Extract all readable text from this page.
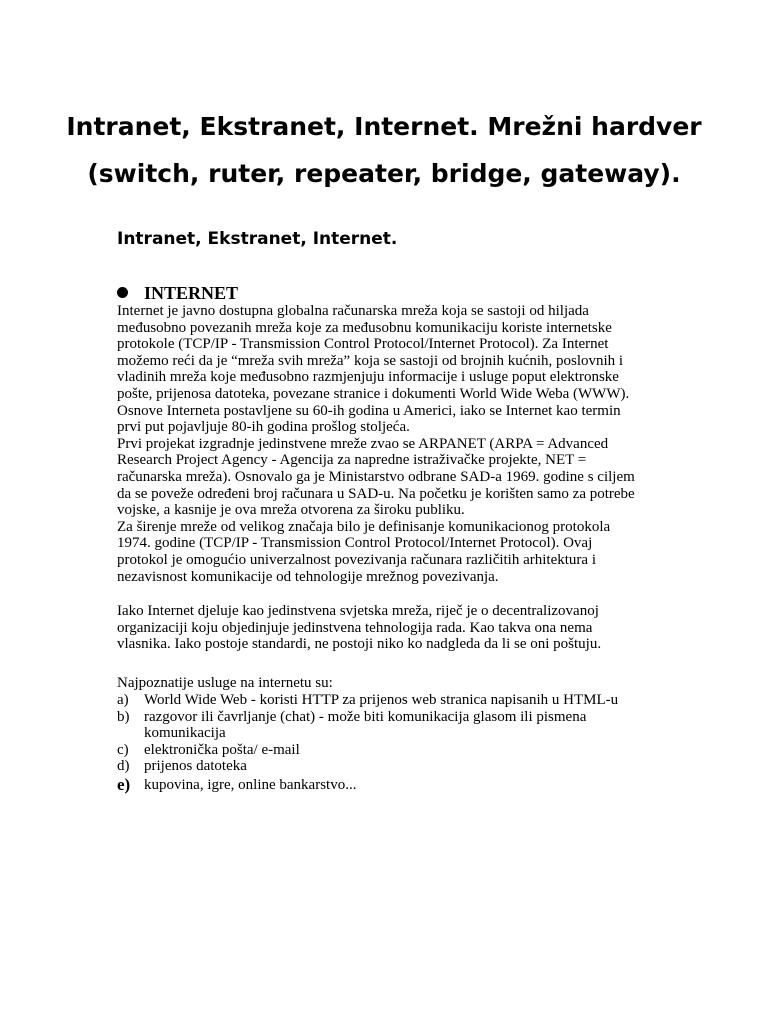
Intranet, Ekstranet, Internet. Mrežni hardver
(switch, ruter, repeater, bridge, gateway).
Intranet, Ekstranet, Internet.
INTERNET
Internet je javno dostupna globalna računarska mreža koja se sastoji od hiljada
međusobno povezanih mreža koje za međusobnu komunikaciju koriste internetske
protokole (TCP/IP - Transmission Control Protocol/Internet Protocol). Za Internet
možemo reći da je “mreža svih mreža” koja se sastoji od brojnih kućnih, poslovnih i
vladinih mreža koje međusobno razmjenjuju informacije i usluge poput elektronske
pošte, prijenosa datoteka, povezane stranice i dokumenti World Wide Weba (WWW).
Osnove Interneta postavljene su 60-ih godina u Americi, iako se Internet kao termin
prvi put pojavljuje 80-ih godina prošlog stoljeća.
Prvi projekat izgradnje jedinstvene mreže zvao se ARPANET (ARPA = Advanced
Research Project Agency - Agencija za napredne istraživačke projekte, NET =
računarska mreža). Osnovalo ga je Ministarstvo odbrane SAD-a 1969. godine s ciljem
da se poveže određeni broj računara u SAD-u. Na početku je korišten samo za potrebe
vojske, a kasnije je ova mreža otvorena za široku publiku.
Za širenje mreže od velikog značaja bilo je definisanje komunikacionog protokola
1974. godine (TCP/IP - Transmission Control Protocol/Internet Protocol). Ovaj
protokol je omogućio univerzalnost povezivanja računara različitih arhitektura i
nezavisnost komunikacije od tehnologije mrežnog povezivanja.
Iako Internet djeluje kao jedinstvena svjetska mreža, riječ je o decentralizovanoj
organizaciji koju objedinjuje jedinstvena tehnologija rada. Kao takva ona nema
vlasnika. Iako postoje standardi, ne postoji niko ko nadgleda da li se oni poštuju.
Najpoznatije usluge na internetu su:
a) World Wide Web - koristi HTTP za prijenos web stranica napisanih u HTML-u
b) razgovor ili čavrljanje (chat) - može biti komunikacija glasom ili pismena
komunikacija
c) elektronička pošta/ e-mail
d) prijenos datoteka
e) kupovina, igre, online bankarstvo...
